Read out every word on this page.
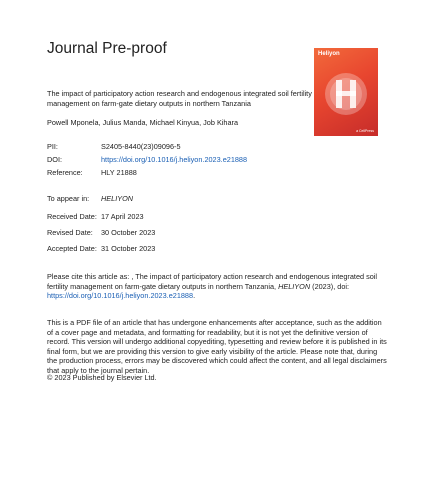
Journal Pre-proof	Heliyon
a CellPress
The impact of participatory action research and endogenous integrated soil fertility management on farm-gate dietary outputs in northern Tanzania
Powell Mponela, Julius Manda, Michael Kinyua, Job Kihara
PII:	S2405-8440(23)09096-5
DOI:	https://doi.org/10.1016/j.heliyon.2023.e21888
Reference:	HLY 21888
To appear in:	HELIYON
Received Date: 17 April 2023
Revised Date:	30 October 2023
Accepted Date: 31 October 2023
Please cite this article as: , The impact of participatory action research and endogenous integrated soil fertility management on farm-gate dietary outputs in northern Tanzania, HELIYON (2023), doi: https://doi.org/10.1016/j.heliyon.2023.e21888.
This is a PDF file of an article that has undergone enhancements after acceptance, such as the addition of a cover page and metadata, and formatting for readability, but it is not yet the definitive version of record. This version will undergo additional copyediting, typesetting and review before it is published in its final form, but we are providing this version to give early visibility of the article. Please note that, during the production process, errors may be discovered which could affect the content, and all legal disclaimers that apply to the journal pertain.
© 2023 Published by Elsevier Ltd.
